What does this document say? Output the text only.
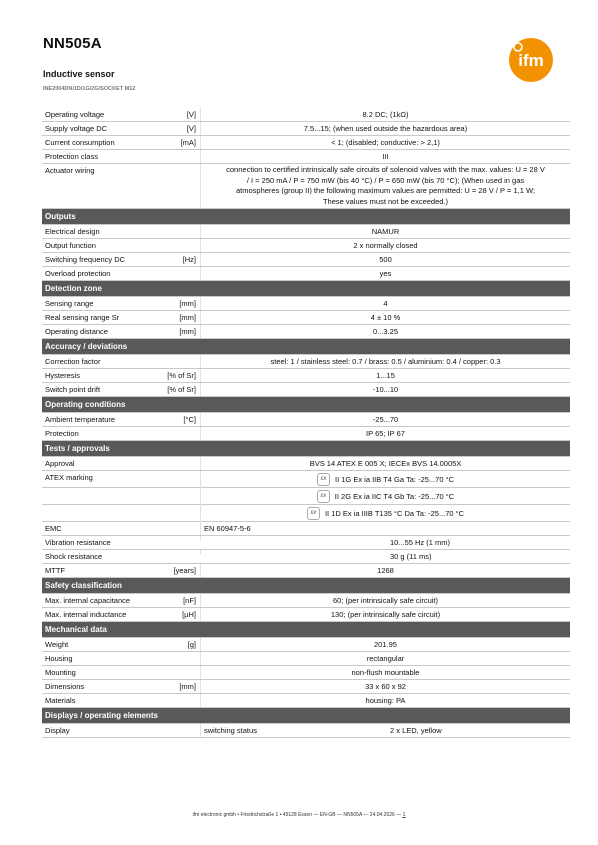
NN505A
Inductive sensor
INE2004DN/1D/1G/2G/SOCKET M12
ifm
Operating voltage	[V]	8.2 DC; (1kΩ)
Supply voltage DC	[V]	7.5...15; (when used outside the hazardous area)
Current consumption	[mA]	< 1; (disabled; conductive: > 2,1)
Protection class	III
Actuator wiring	connection to certified intrinsically safe circuits of solenoid valves with the max. values: U = 28 V / I = 250 mA / P = 750 mW (bis 40 °C) / P = 650 mW (bis 70 °C); (When used in gas atmospheres (group II) the following maximum values are permitted: U = 28 V / P = 1,1 W; These values must not be exceeded.)
Outputs
Electrical design	NAMUR
Output function	2 x normally closed
Switching frequency DC	[Hz]	500
Overload protection	yes
Detection zone
Sensing range	[mm]	4
Real sensing range Sr	[mm]	4 ± 10 %
Operating distance	[mm]	0...3.25
Accuracy / deviations
Correction factor	steel: 1 / stainless steel: 0.7 / brass: 0.5 / aluminium: 0.4 / copper: 0.3
Hysteresis	[% of Sr]	1...15
Switch point drift	[% of Sr]	-10...10
Operating conditions
Ambient temperature	[°C]	-25...70
Protection	IP 65; IP 67
Tests / approvals
Approval	BVS 14 ATEX E 005 X; IECEx BVS 14.0005X
ATEX marking	εx	II 1G Ex ia IIB T4 Ga Ta: -25...70 °C
εx	II 2G Ex ia IIC T4 Gb Ta: -25...70 °C
εx	II 1D Ex ia IIIB T135 °C Da Ta: -25...70 °C
EMC	EN 60947-5-6
Vibration resistance	10...55 Hz (1 mm)
Shock resistance	30 g (11 ms)
MTTF	[years]	1268
Safety classification
Max. internal capacitance	[nF]	60; (per intrinsically safe circuit)
Max. internal inductance	[µH]	130; (per intrinsically safe circuit)
Mechanical data
Weight	[g]	201.95
Housing	rectangular
Mounting	non-flush mountable
Dimensions	[mm]	33 x 60 x 92
Materials	housing: PA
Displays / operating elements
Display	switching status	2 x LED, yellow
ifm electronic gmbh • Friedrichstraße 1 • 45128 Essen — EN-GB — NN505A — 24.04.2026 — 1
